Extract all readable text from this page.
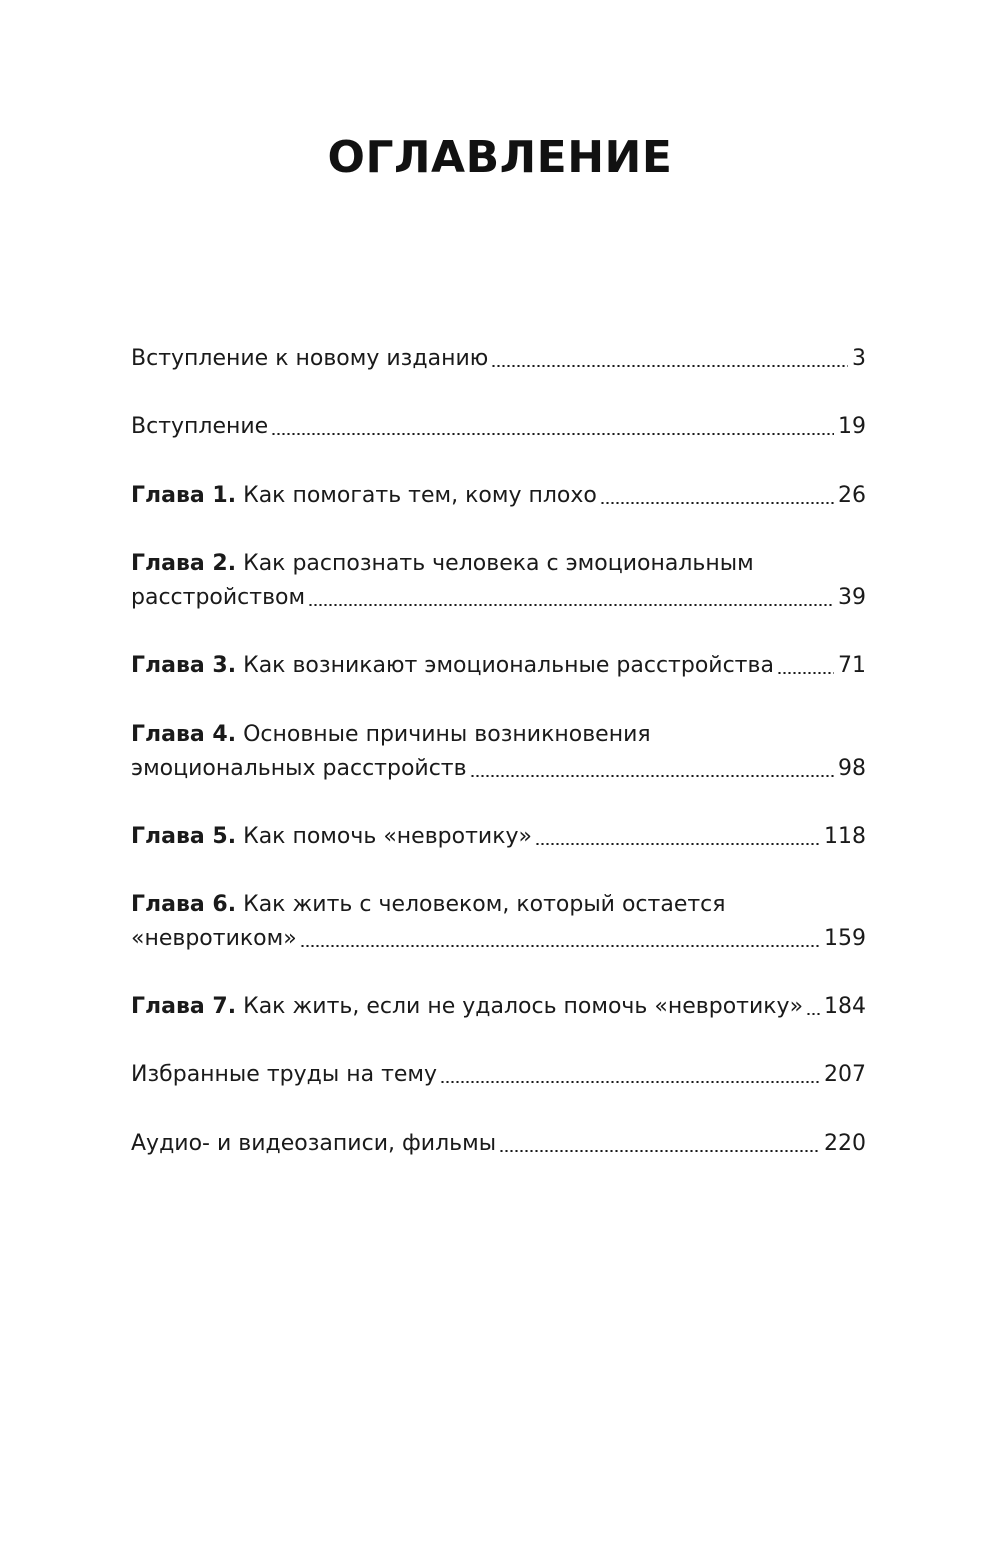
ОГЛАВЛЕНИЕ
Вступление к новому изданию	3
Вступление	19
Глава 1. Как помогать тем, кому плохо	26
Глава 2. Как распознать человека с эмоциональным
расстройством	39
Глава 3. Как возникают эмоциональные расстройства	71
Глава 4. Основные причины возникновения
эмоциональных расстройств	98
Глава 5. Как помочь «невротику»	118
Глава 6. Как жить с человеком, который остается
«невротиком»	159
Глава 7. Как жить, если не удалось помочь «невротику» 184
Избранные труды на тему	207
Аудио- и видеозаписи, фильмы	220
